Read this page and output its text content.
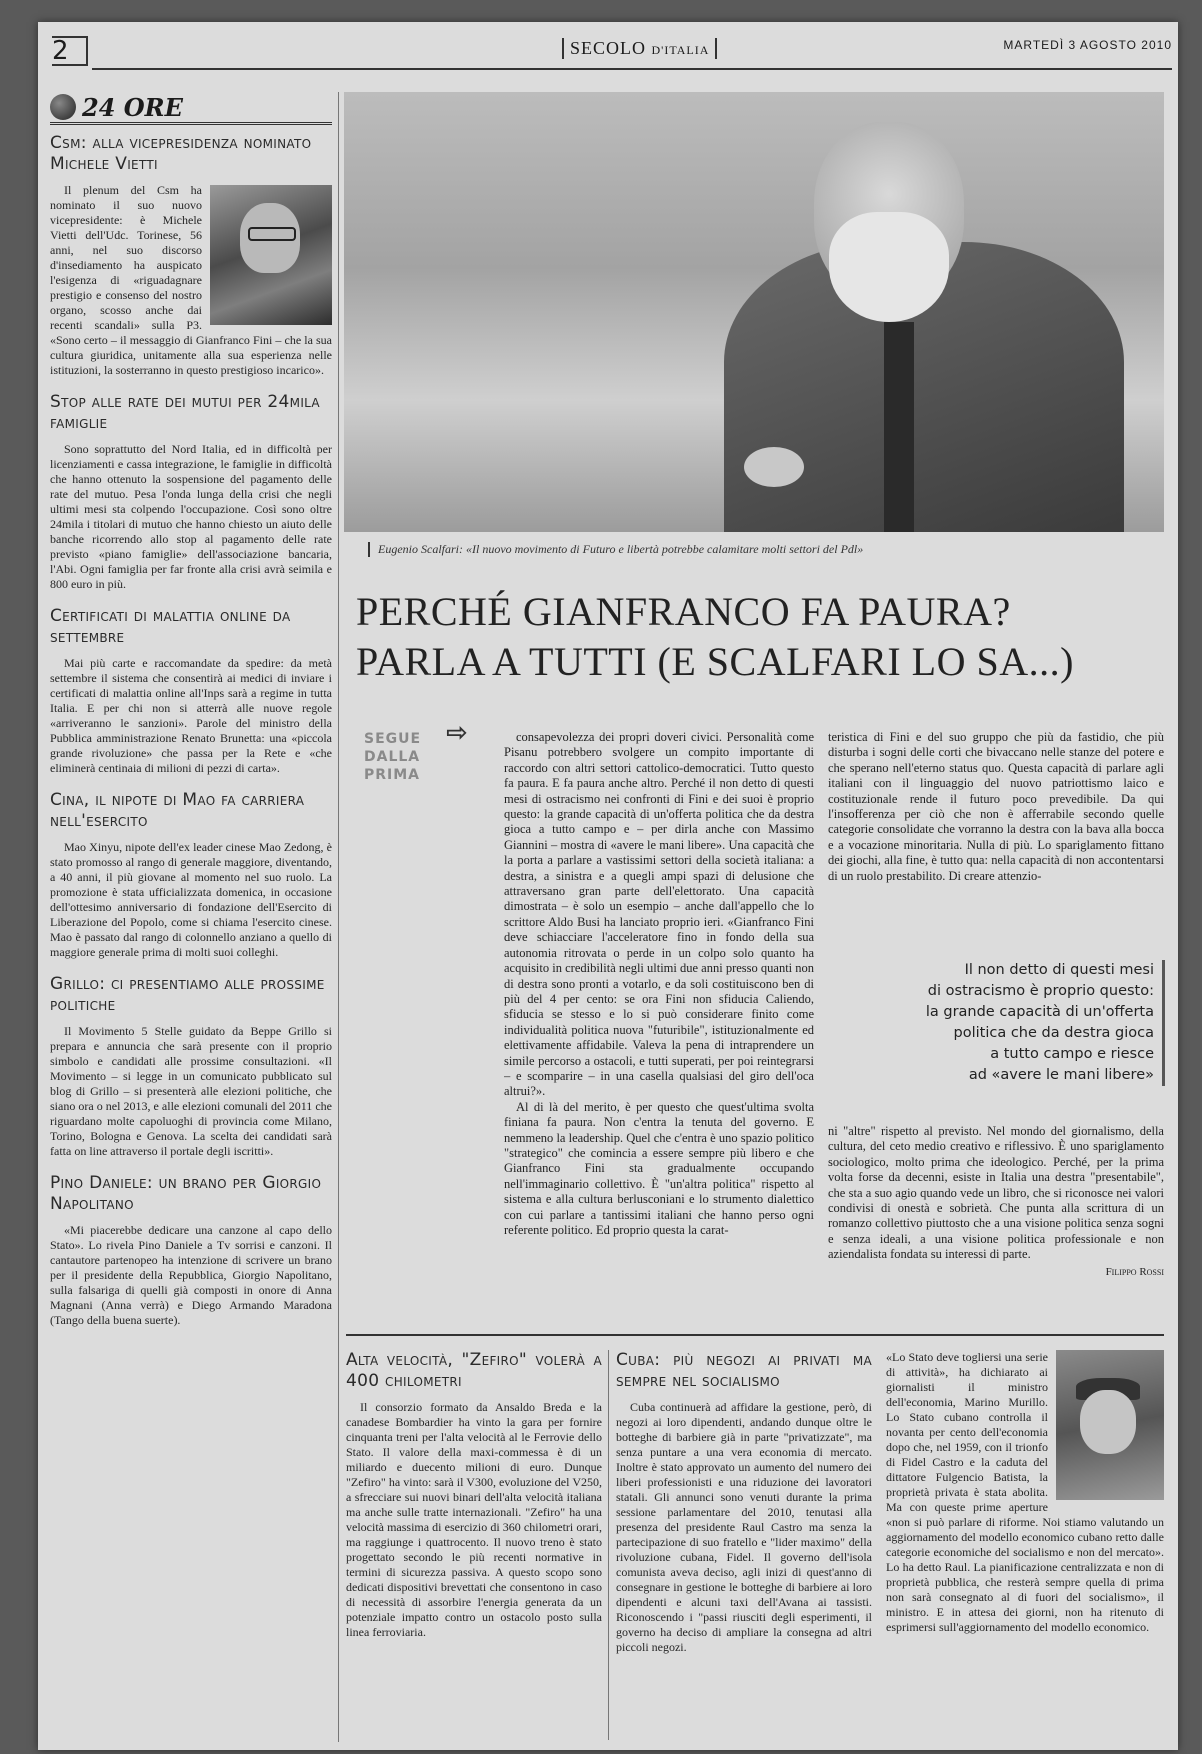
2	SECOLO D'ITALIA	MARTEDÌ 3 AGOSTO 2010
24 ORE
Csm: alla vicepresidenza nominato Michele Vietti

Il plenum del Csm ha nominato il suo nuovo vicepresidente: è Michele Vietti dell'Udc. Torinese, 56 anni, nel suo discorso d'insediamento ha auspicato l'esigenza di «riguadagnare prestigio e consenso del nostro organo, scosso anche dai recenti scandali» sulla P3. «Sono certo – il messaggio di Gianfranco Fini – che la sua cultura giuridica, unitamente alla sua esperienza nelle istituzioni, la sosterranno in questo prestigioso incarico».

Stop alle rate dei mutui per 24mila famiglie

Sono soprattutto del Nord Italia, ed in difficoltà per licenziamenti e cassa integrazione, le famiglie in difficoltà che hanno ottenuto la sospensione del pagamento delle rate del mutuo. Pesa l'onda lunga della crisi che negli ultimi mesi sta colpendo l'occupazione. Così sono oltre 24mila i titolari di mutuo che hanno chiesto un aiuto delle banche ricorrendo allo stop al pagamento delle rate previsto «piano famiglie» dell'associazione bancaria, l'Abi. Ogni famiglia per far fronte alla crisi avrà seimila e 800 euro in più.

Certificati di malattia online da settembre

Mai più carte e raccomandate da spedire: da metà settembre il sistema che consentirà ai medici di inviare i certificati di malattia online all'Inps sarà a regime in tutta Italia. E per chi non si atterrà alle nuove regole «arriveranno le sanzioni». Parole del ministro della Pubblica amministrazione Renato Brunetta: una «piccola grande rivoluzione» che passa per la Rete e «che eliminerà centinaia di milioni di pezzi di carta».

Cina, il nipote di Mao fa carriera nell'esercito

Mao Xinyu, nipote dell'ex leader cinese Mao Zedong, è stato promosso al rango di generale maggiore, diventando, a 40 anni, il più giovane al momento nel suo ruolo. La promozione è stata ufficializzata domenica, in occasione dell'ottesimo anniversario di fondazione dell'Esercito di Liberazione del Popolo, come si chiama l'esercito cinese. Mao è passato dal rango di colonnello anziano a quello di maggiore generale prima di molti suoi colleghi.

Grillo: ci presentiamo alle prossime politiche

Il Movimento 5 Stelle guidato da Beppe Grillo si prepara e annuncia che sarà presente con il proprio simbolo e candidati alle prossime consultazioni. «Il Movimento – si legge in un comunicato pubblicato sul blog di Grillo – si presenterà alle elezioni politiche, che siano ora o nel 2013, e alle elezioni comunali del 2011 che riguardano molte capoluoghi di provincia come Milano, Torino, Bologna e Genova. La scelta dei candidati sarà fatta on line attraverso il portale degli iscritti».

Pino Daniele: un brano per Giorgio Napolitano

«Mi piacerebbe dedicare una canzone al capo dello Stato». Lo rivela Pino Daniele a Tv sorrisi e canzoni. Il cantautore partenopeo ha intenzione di scrivere un brano per il presidente della Repubblica, Giorgio Napolitano, sulla falsariga di quelli già composti in onore di Anna Magnani (Anna verrà) e Diego Armando Maradona (Tango della buena suerte).

Eugenio Scalfari: «Il nuovo movimento di Futuro e libertà potrebbe calamitare molti settori del Pdl»
PERCHÉ GIANFRANCO FA PAURA?
PARLA A TUTTI (E SCALFARI LO SA...)
SEGUE
DALLA
PRIMA
⇨	consapevolezza dei propri doveri civici. Personalità come Pisanu potrebbero svolgere un compito importante di raccordo con altri settori cattolico-democratici. Tutto questo fa paura. E fa paura anche altro. Perché il non detto di questi mesi di ostracismo nei confronti di Fini e dei suoi è proprio questo: la grande capacità di un'offerta politica che da destra gioca a tutto campo e – per dirla anche con Massimo Giannini – mostra di «avere le mani libere». Una capacità che la porta a parlare a vastissimi settori della società italiana: a destra, a sinistra e a quegli ampi spazi di delusione che attraversano gran parte dell'elettorato. Una capacità dimostrata – è solo un esempio – anche dall'appello che lo scrittore Aldo Busi ha lanciato proprio ieri. «Gianfranco Fini deve schiacciare l'acceleratore fino in fondo della sua autonomia ritrovata o perde in un colpo solo quanto ha acquisito in credibilità negli ultimi due anni presso quanti non di destra sono pronti a votarlo, e da soli costituiscono ben di più del 4 per cento: se ora Fini non sfiducia Caliendo, sfiducia se stesso e lo si può considerare finito come individualità politica nuova "futuribile", istituzionalmente ed elettivamente affidabile. Valeva la pena di intraprendere un simile percorso a ostacoli, e tutti superati, per poi reintegrarsi – e scomparire – in una casella qualsiasi del giro dell'oca altrui?».

Al di là del merito, è per questo che quest'ultima svolta finiana fa paura. Non c'entra la tenuta del governo. E nemmeno la leadership. Quel che c'entra è uno spazio politico "strategico" che comincia a essere sempre più libero e che Gianfranco Fini sta gradualmente occupando nell'immaginario collettivo. È "un'altra politica" rispetto al sistema e alla cultura berlusconiani e lo strumento dialettico con cui parlare a tantissimi italiani che hanno perso ogni referente politico. Ed proprio questa la carat-

teristica di Fini e del suo gruppo che più da fastidio, che più disturba i sogni delle corti che bivaccano nelle stanze del potere e che sperano nell'eterno status quo. Questa capacità di parlare agli italiani con il linguaggio del nuovo patriottismo laico e costituzionale rende il futuro poco prevedibile. Da qui l'insofferenza per ciò che non è afferrabile secondo quelle categorie consolidate che vorranno la destra con la bava alla bocca e a vocazione minoritaria. Nulla di più. Lo spariglamento fittano dei giochi, alla fine, è tutto qua: nella capacità di non accontentarsi di un ruolo prestabilito. Di creare attenzio-

Il non detto di questi mesi
di ostracismo è proprio questo:
la grande capacità di un'offerta
politica che da destra gioca
a tutto campo e riesce
ad «avere le mani libere»

ni "altre" rispetto al previsto. Nel mondo del giornalismo, della cultura, del ceto medio creativo e riflessivo. È uno spariglamento sociologico, molto prima che ideologico. Perché, per la prima volta forse da decenni, esiste in Italia una destra "presentabile", che sta a suo agio quando vede un libro, che si riconosce nei valori condivisi di onestà e sobrietà. Che punta alla scrittura di un romanzo collettivo piuttosto che a una visione politica senza sogni e senza ideali, a una visione politica professionale e non aziendalista fondata su interessi di parte.

Filippo Rossi
Alta velocità, "Zefiro" volerà a 400 chilometri

Il consorzio formato da Ansaldo Breda e la canadese Bombardier ha vinto la gara per fornire cinquanta treni per l'alta velocità al le Ferrovie dello Stato. Il valore della maxi-commessa è di un miliardo e duecento milioni di euro. Dunque "Zefiro" ha vinto: sarà il V300, evoluzione del V250, a sfrecciare sui nuovi binari dell'alta velocità italiana ma anche sulle tratte internazionali. "Zefiro" ha una velocità massima di esercizio di 360 chilometri orari, ma raggiunge i quattrocento. Il nuovo treno è stato progettato secondo le più recenti normative in termini di sicurezza passiva. A questo scopo sono dedicati dispositivi brevettati che consentono in caso di necessità di assorbire l'energia generata da un potenziale impatto contro un ostacolo posto sulla linea ferroviaria.

Cuba: più negozi ai privati ma sempre nel socialismo

Cuba continuerà ad affidare la gestione, però, di negozi ai loro dipendenti, andando dunque oltre le botteghe di barbiere già in parte "privatizzate", ma senza puntare a una vera economia di mercato. Inoltre è stato approvato un aumento del numero dei liberi professionisti e una riduzione dei lavoratori statali. Gli annunci sono venuti durante la prima sessione parlamentare del 2010, tenutasi alla presenza del presidente Raul Castro ma senza la partecipazione di suo fratello e "lider maximo" della rivoluzione cubana, Fidel. Il governo dell'isola comunista aveva deciso, agli inizi di quest'anno di consegnare in gestione le botteghe di barbiere ai loro dipendenti e alcuni taxi dell'Avana ai tassisti. Riconoscendo i "passi riusciti degli esperimenti, il governo ha deciso di ampliare la consegna ad altri piccoli negozi.

«Lo Stato deve togliersi una serie di attività», ha dichiarato ai giornalisti il ministro dell'economia, Marino Murillo. Lo Stato cubano controlla il novanta per cento dell'economia dopo che, nel 1959, con il trionfo di Fidel Castro e la caduta del dittatore Fulgencio Batista, la proprietà privata è stata abolita. Ma con queste prime aperture «non si può parlare di riforme. Noi stiamo valutando un aggiornamento del modello economico cubano retto dalle categorie economiche del socialismo e non del mercato». Lo ha detto Raul. La pianificazione centralizzata e non di proprietà pubblica, che resterà sempre quella di prima non sarà consegnato al di fuori del socialismo», il ministro. E in attesa dei giorni, non ha ritenuto di esprimersi sull'aggiornamento del modello economico.
